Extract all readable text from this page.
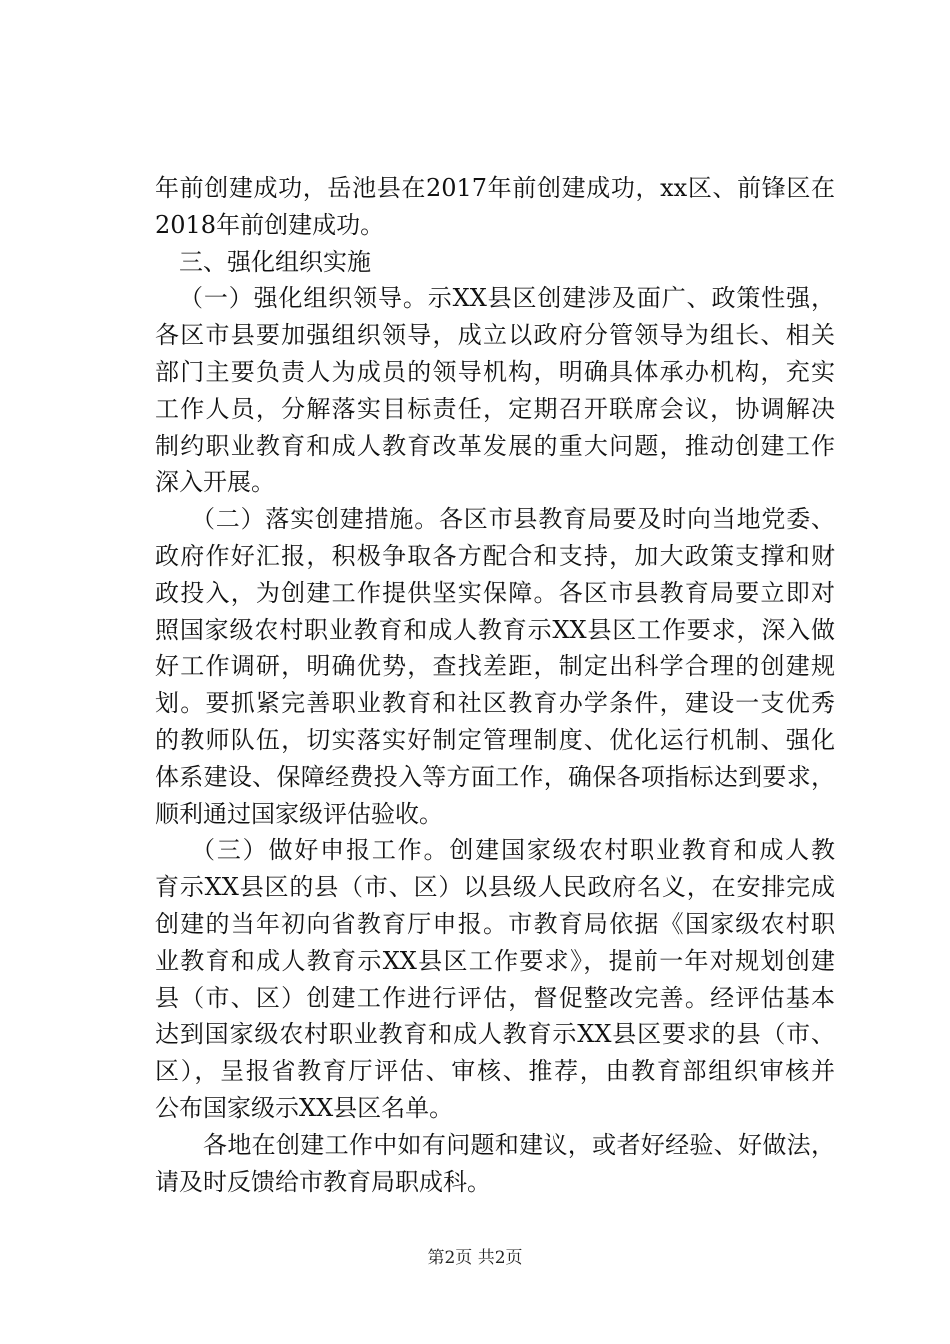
年前创建成功，岳池县在2017年前创建成功，xx区、前锋区在
2018年前创建成功。
三、强化组织实施
（一）强化组织领导。示XX县区创建涉及面广、政策性强，
各区市县要加强组织领导，成立以政府分管领导为组长、相关
部门主要负责人为成员的领导机构，明确具体承办机构，充实
工作人员，分解落实目标责任，定期召开联席会议，协调解决
制约职业教育和成人教育改革发展的重大问题，推动创建工作
深入开展。
（二）落实创建措施。各区市县教育局要及时向当地党委、
政府作好汇报，积极争取各方配合和支持，加大政策支撑和财
政投入，为创建工作提供坚实保障。各区市县教育局要立即对
照国家级农村职业教育和成人教育示XX县区工作要求，深入做
好工作调研，明确优势，查找差距，制定出科学合理的创建规
划。要抓紧完善职业教育和社区教育办学条件，建设一支优秀
的教师队伍，切实落实好制定管理制度、优化运行机制、强化
体系建设、保障经费投入等方面工作，确保各项指标达到要求，
顺利通过国家级评估验收。
（三）做好申报工作。创建国家级农村职业教育和成人教
育示XX县区的县（市、区）以县级人民政府名义，在安排完成
创建的当年初向省教育厅申报。市教育局依据《国家级农村职
业教育和成人教育示XX县区工作要求》，提前一年对规划创建
县（市、区）创建工作进行评估，督促整改完善。经评估基本
达到国家级农村职业教育和成人教育示XX县区要求的县（市、
区），呈报省教育厅评估、审核、推荐，由教育部组织审核并
公布国家级示XX县区名单。
各地在创建工作中如有问题和建议，或者好经验、好做法，
请及时反馈给市教育局职成科。
第2页 共2页
